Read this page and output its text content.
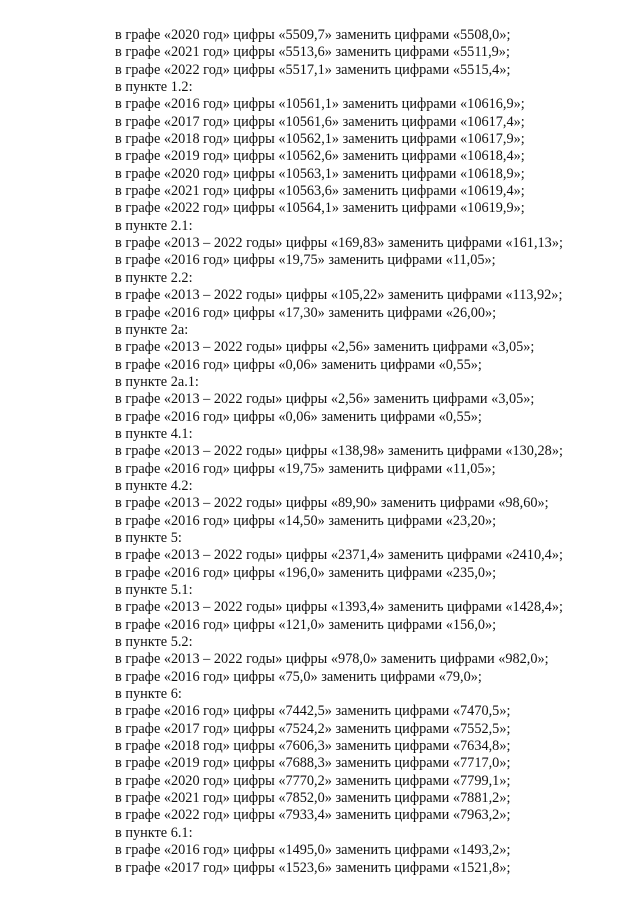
в графе «2020 год» цифры «5509,7» заменить цифрами «5508,0»;
в графе «2021 год» цифры «5513,6» заменить цифрами «5511,9»;
в графе «2022 год» цифры «5517,1» заменить цифрами «5515,4»;
в пункте 1.2:
в графе «2016 год» цифры «10561,1» заменить цифрами «10616,9»;
в графе «2017 год» цифры «10561,6» заменить цифрами «10617,4»;
в графе «2018 год» цифры «10562,1» заменить цифрами «10617,9»;
в графе «2019 год» цифры «10562,6» заменить цифрами «10618,4»;
в графе «2020 год» цифры «10563,1» заменить цифрами «10618,9»;
в графе «2021 год» цифры «10563,6» заменить цифрами «10619,4»;
в графе «2022 год» цифры «10564,1» заменить цифрами «10619,9»;
в пункте 2.1:
в графе «2013 – 2022 годы» цифры «169,83» заменить цифрами «161,13»;
в графе «2016 год» цифры «19,75» заменить цифрами «11,05»;
в пункте 2.2:
в графе «2013 – 2022 годы» цифры «105,22» заменить цифрами «113,92»;
в графе «2016 год» цифры «17,30» заменить цифрами «26,00»;
в пункте 2а:
в графе «2013 – 2022 годы» цифры «2,56» заменить цифрами «3,05»;
в графе «2016 год» цифры «0,06» заменить цифрами «0,55»;
в пункте 2а.1:
в графе «2013 – 2022 годы» цифры «2,56» заменить цифрами «3,05»;
в графе «2016 год» цифры «0,06» заменить цифрами «0,55»;
в пункте 4.1:
в графе «2013 – 2022 годы» цифры «138,98» заменить цифрами «130,28»;
в графе «2016 год» цифры «19,75» заменить цифрами «11,05»;
в пункте 4.2:
в графе «2013 – 2022 годы» цифры «89,90» заменить цифрами «98,60»;
в графе «2016 год» цифры «14,50» заменить цифрами «23,20»;
в пункте 5:
в графе «2013 – 2022 годы» цифры «2371,4» заменить цифрами «2410,4»;
в графе «2016 год» цифры «196,0» заменить цифрами «235,0»;
в пункте 5.1:
в графе «2013 – 2022 годы» цифры «1393,4» заменить цифрами «1428,4»;
в графе «2016 год» цифры «121,0» заменить цифрами «156,0»;
в пункте 5.2:
в графе «2013 – 2022 годы» цифры «978,0» заменить цифрами «982,0»;
в графе «2016 год» цифры «75,0» заменить цифрами «79,0»;
в пункте 6:
в графе «2016 год» цифры «7442,5» заменить цифрами «7470,5»;
в графе «2017 год» цифры «7524,2» заменить цифрами «7552,5»;
в графе «2018 год» цифры «7606,3» заменить цифрами «7634,8»;
в графе «2019 год» цифры «7688,3» заменить цифрами «7717,0»;
в графе «2020 год» цифры «7770,2» заменить цифрами «7799,1»;
в графе «2021 год» цифры «7852,0» заменить цифрами «7881,2»;
в графе «2022 год» цифры «7933,4» заменить цифрами «7963,2»;
в пункте 6.1:
в графе «2016 год» цифры «1495,0» заменить цифрами «1493,2»;
в графе «2017 год» цифры «1523,6» заменить цифрами «1521,8»;
